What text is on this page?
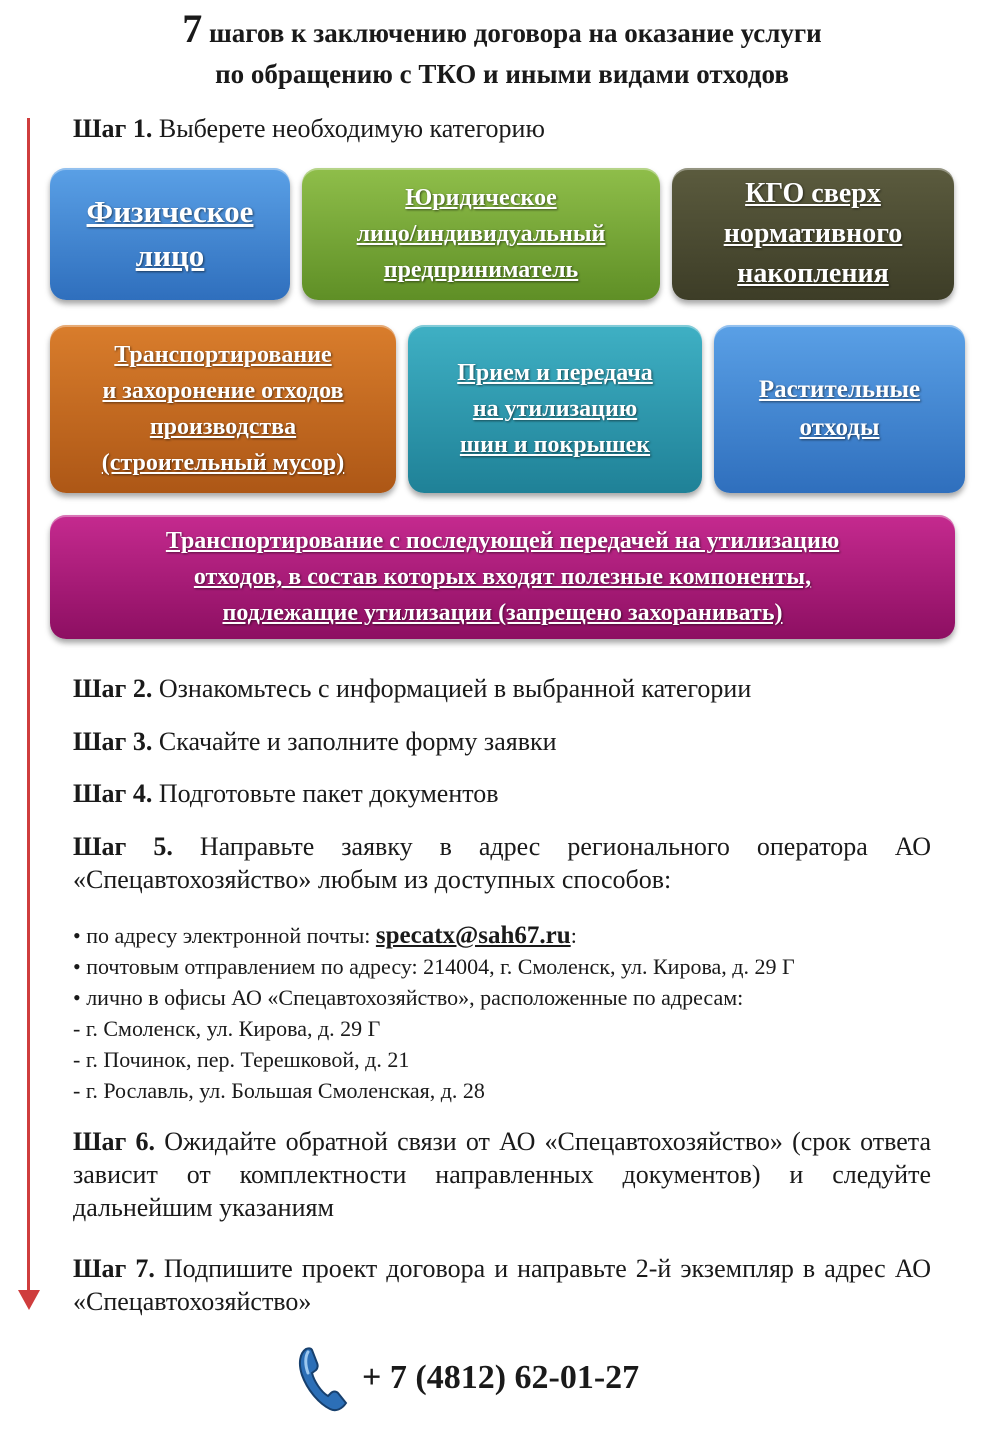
7 шагов к заключению договора на оказание услуги
по обращению с ТКО и иными видами отходов
Шаг 1. Выберете необходимую категорию
Физическое
лицо
Юридическое
лицо/индивидуальный
предприниматель
КГО сверх
нормативного
накопления
Транспортирование
и захоронение отходов
производства
(строительный мусор)
Прием и передача
на утилизацию
шин и покрышек
Растительные
отходы
Транспортирование с последующей передачей на утилизацию
отходов, в состав которых входят полезные компоненты,
подлежащие утилизации (запрещено захоранивать)
Шаг 2. Ознакомьтесь с информацией в выбранной категории
Шаг 3. Скачайте и заполните форму заявки
Шаг 4. Подготовьте пакет документов
Шаг 5. Направьте заявку в адрес регионального оператора АО «Спецавтохозяйство» любым из доступных способов:
• по адресу электронной почты: specatx@sah67.ru:
• почтовым отправлением по адресу: 214004, г. Смоленск, ул. Кирова, д. 29 Г
• лично в офисы АО «Спецавтохозяйство», расположенные по адресам:
- г. Смоленск, ул. Кирова, д. 29 Г
- г. Починок, пер. Терешковой, д. 21
- г. Рославль, ул. Большая Смоленская, д. 28
Шаг 6. Ожидайте обратной связи от АО «Спецавтохозяйство» (срок ответа зависит от комплектности направленных документов) и следуйте дальнейшим указаниям
Шаг 7. Подпишите проект договора и направьте 2-й экземпляр в адрес АО «Спецавтохозяйство»
+ 7 (4812) 62-01-27
